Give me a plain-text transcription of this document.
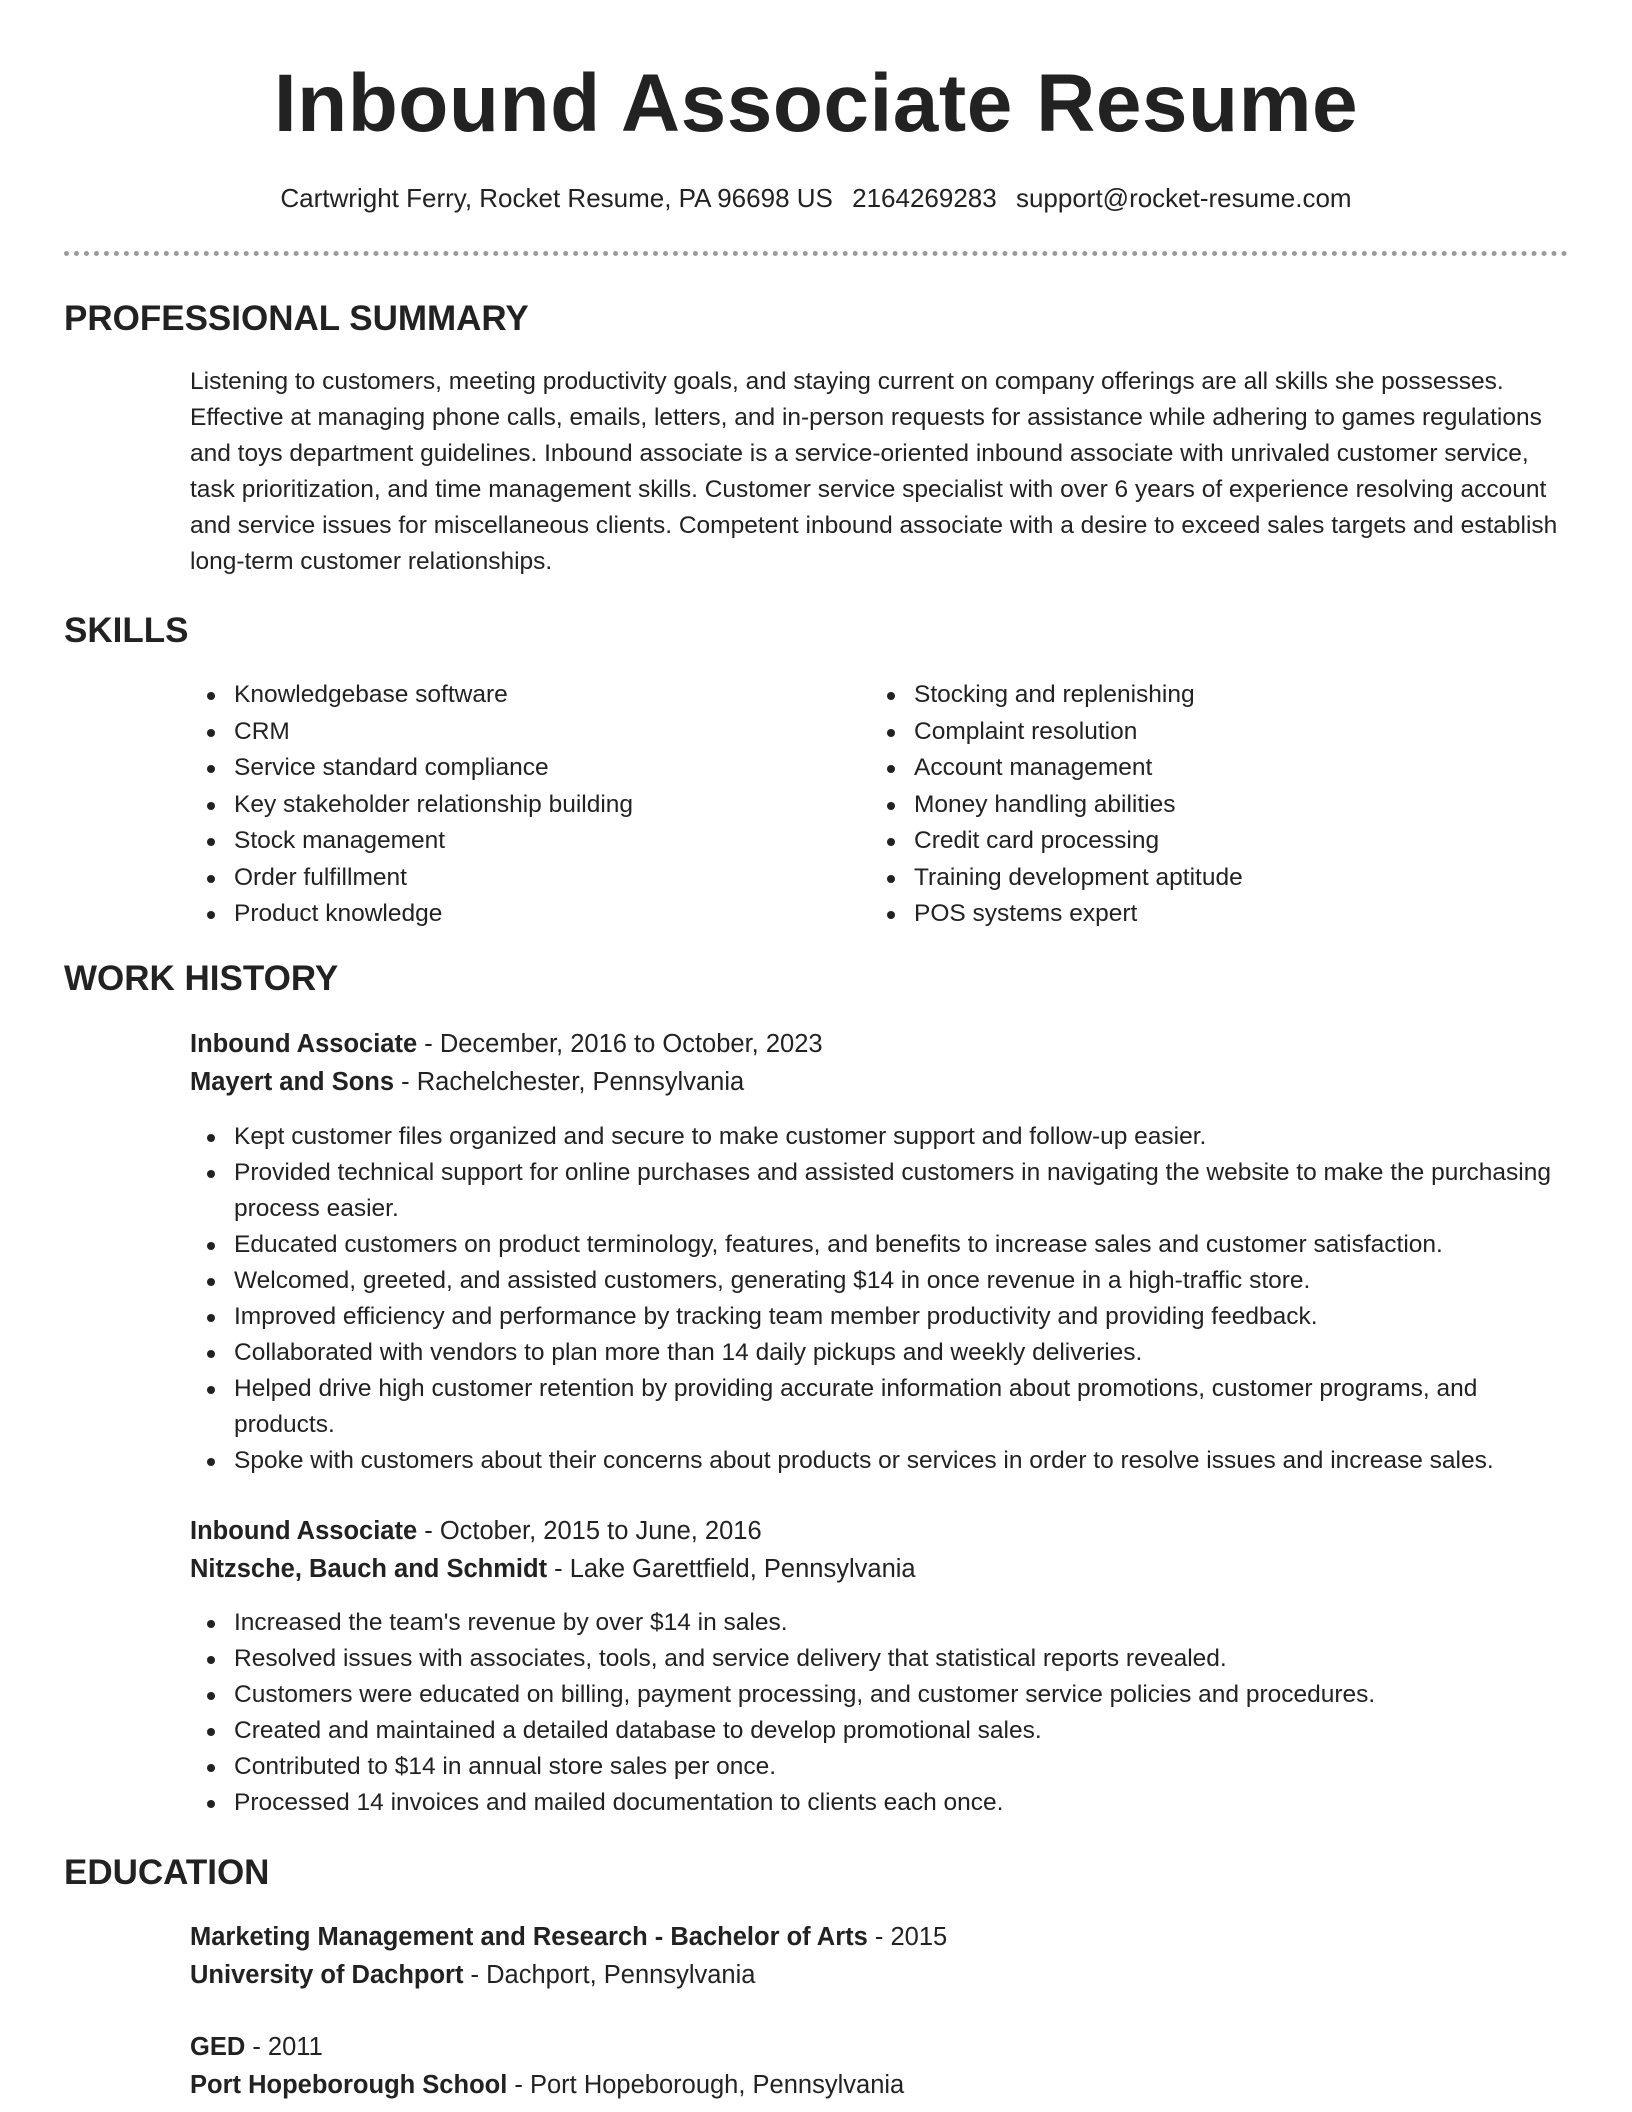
Inbound Associate Resume
Cartwright Ferry, Rocket Resume, PA 96698 US 2164269283 support@rocket-resume.com
PROFESSIONAL SUMMARY

Listening to customers, meeting productivity goals, and staying current on company offerings are all skills she possesses. Effective at managing phone calls, emails, letters, and in-person requests for assistance while adhering to games regulations and toys department guidelines. Inbound associate is a service-oriented inbound associate with unrivaled customer service, task prioritization, and time management skills. Customer service specialist with over 6 years of experience resolving account and service issues for miscellaneous clients. Competent inbound associate with a desire to exceed sales targets and establish long-term customer relationships.

SKILLS
Knowledgebase software
CRM
Service standard compliance
Key stakeholder relationship building
Stock management
Order fulfillment
Product knowledge
Stocking and replenishing
Complaint resolution
Account management
Money handling abilities
Credit card processing
Training development aptitude
POS systems expert
WORK HISTORY
Inbound Associate - December, 2016 to October, 2023
Mayert and Sons - Rachelchester, Pennsylvania
Kept customer files organized and secure to make customer support and follow-up easier.
Provided technical support for online purchases and assisted customers in navigating the website to make the purchasing process easier.
Educated customers on product terminology, features, and benefits to increase sales and customer satisfaction.
Welcomed, greeted, and assisted customers, generating $14 in once revenue in a high-traffic store.
Improved efficiency and performance by tracking team member productivity and providing feedback.
Collaborated with vendors to plan more than 14 daily pickups and weekly deliveries.
Helped drive high customer retention by providing accurate information about promotions, customer programs, and products.
Spoke with customers about their concerns about products or services in order to resolve issues and increase sales.
Inbound Associate - October, 2015 to June, 2016
Nitzsche, Bauch and Schmidt - Lake Garettfield, Pennsylvania
Increased the team's revenue by over $14 in sales.
Resolved issues with associates, tools, and service delivery that statistical reports revealed.
Customers were educated on billing, payment processing, and customer service policies and procedures.
Created and maintained a detailed database to develop promotional sales.
Contributed to $14 in annual store sales per once.
Processed 14 invoices and mailed documentation to clients each once.
EDUCATION
Marketing Management and Research - Bachelor of Arts - 2015
University of Dachport - Dachport, Pennsylvania
GED - 2011
Port Hopeborough School - Port Hopeborough, Pennsylvania
